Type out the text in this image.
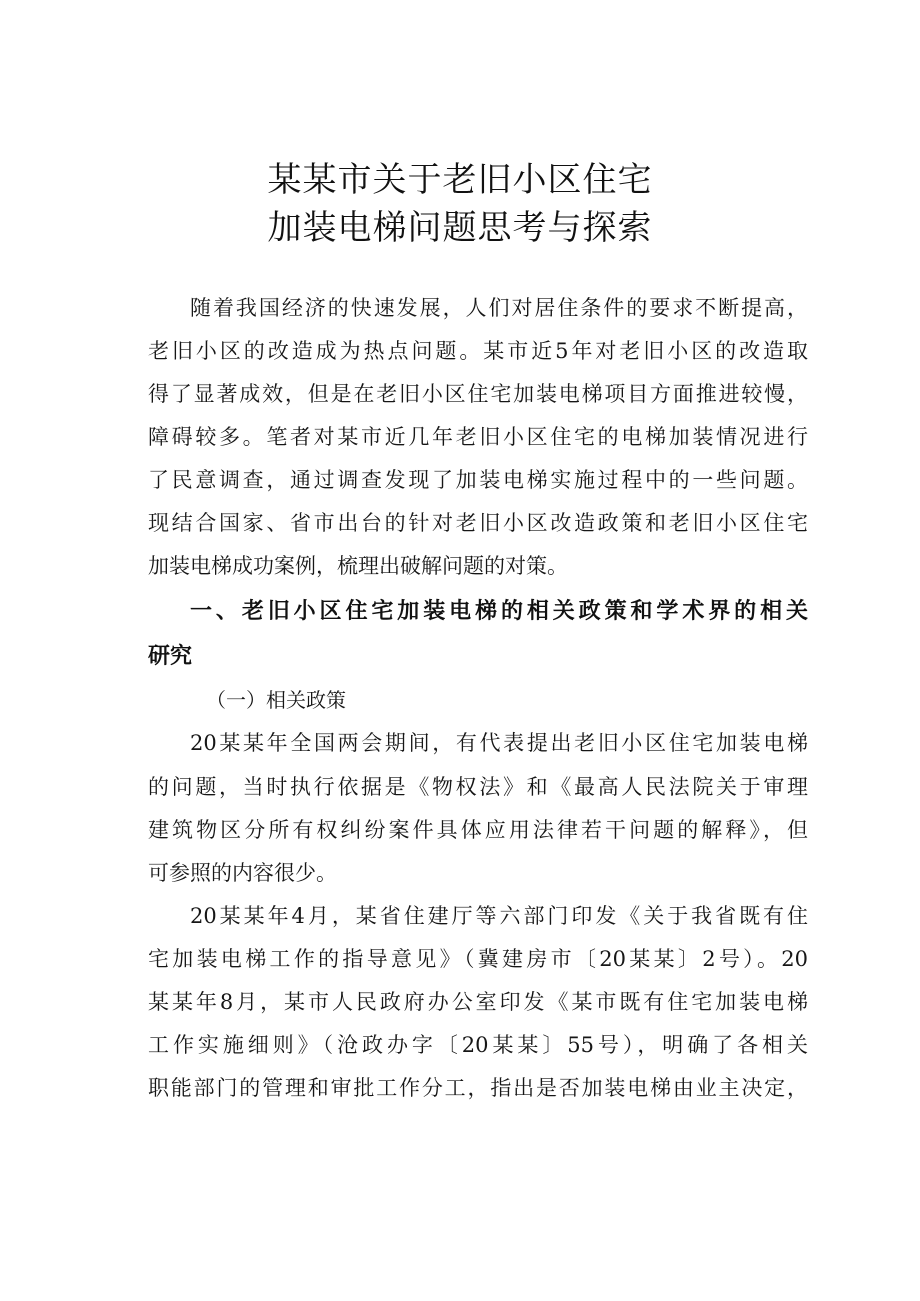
某某市关于老旧小区住宅
加装电梯问题思考与探索
随着我国经济的快速发展，人们对居住条件的要求不断提高，
老旧小区的改造成为热点问题。某市近5年对老旧小区的改造取
得了显著成效，但是在老旧小区住宅加装电梯项目方面推进较慢，
障碍较多。笔者对某市近几年老旧小区住宅的电梯加装情况进行
了民意调查，通过调查发现了加装电梯实施过程中的一些问题。
现结合国家、省市出台的针对老旧小区改造政策和老旧小区住宅
加装电梯成功案例，梳理出破解问题的对策。
一、老旧小区住宅加装电梯的相关政策和学术界的相关
研究
（一）相关政策
20某某年全国两会期间，有代表提出老旧小区住宅加装电梯
的问题，当时执行依据是《物权法》和《最高人民法院关于审理
建筑物区分所有权纠纷案件具体应用法律若干问题的解释》，但
可参照的内容很少。
20某某年4月，某省住建厅等六部门印发《关于我省既有住
宅加装电梯工作的指导意见》（冀建房市〔20某某〕2号）。20
某某年8月，某市人民政府办公室印发《某市既有住宅加装电梯
工作实施细则》（沧政办字〔20某某〕55号），明确了各相关
职能部门的管理和审批工作分工，指出是否加装电梯由业主决定，
